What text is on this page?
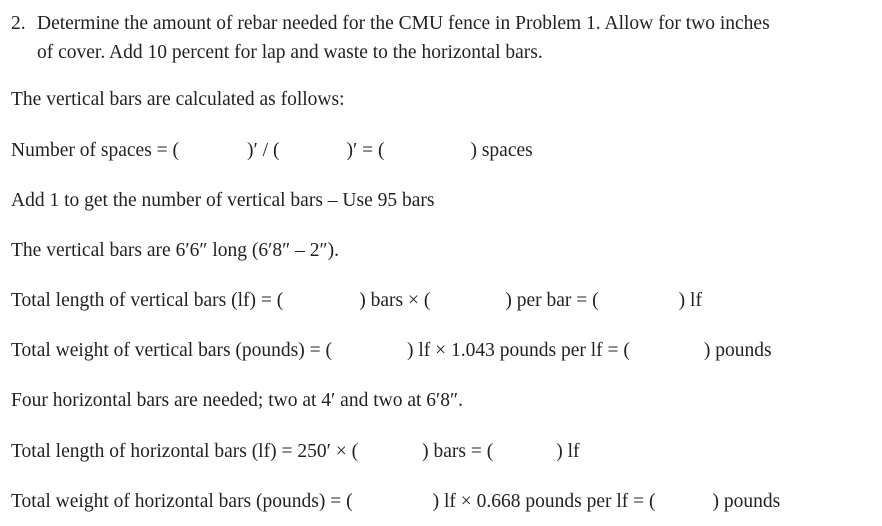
2. Determine the amount of rebar needed for the CMU fence in Problem 1. Allow for two inches
of cover. Add 10 percent for lap and waste to the horizontal bars.
The vertical bars are calculated as follows:
Number of spaces = (	)′ / (	)′ = (	) spaces
Add 1 to get the number of vertical bars – Use 95 bars
The vertical bars are 6′6″ long (6′8″ – 2″).
Total length of vertical bars (lf) = (	) bars × (	) per bar = (	) lf
Total weight of vertical bars (pounds) = (	) lf × 1.043 pounds per lf = (	) pounds
Four horizontal bars are needed; two at 4′ and two at 6′8″.
Total length of horizontal bars (lf) = 250′ × (	) bars = (	) lf
Total weight of horizontal bars (pounds) = (	) lf × 0.668 pounds per lf = (	) pounds
